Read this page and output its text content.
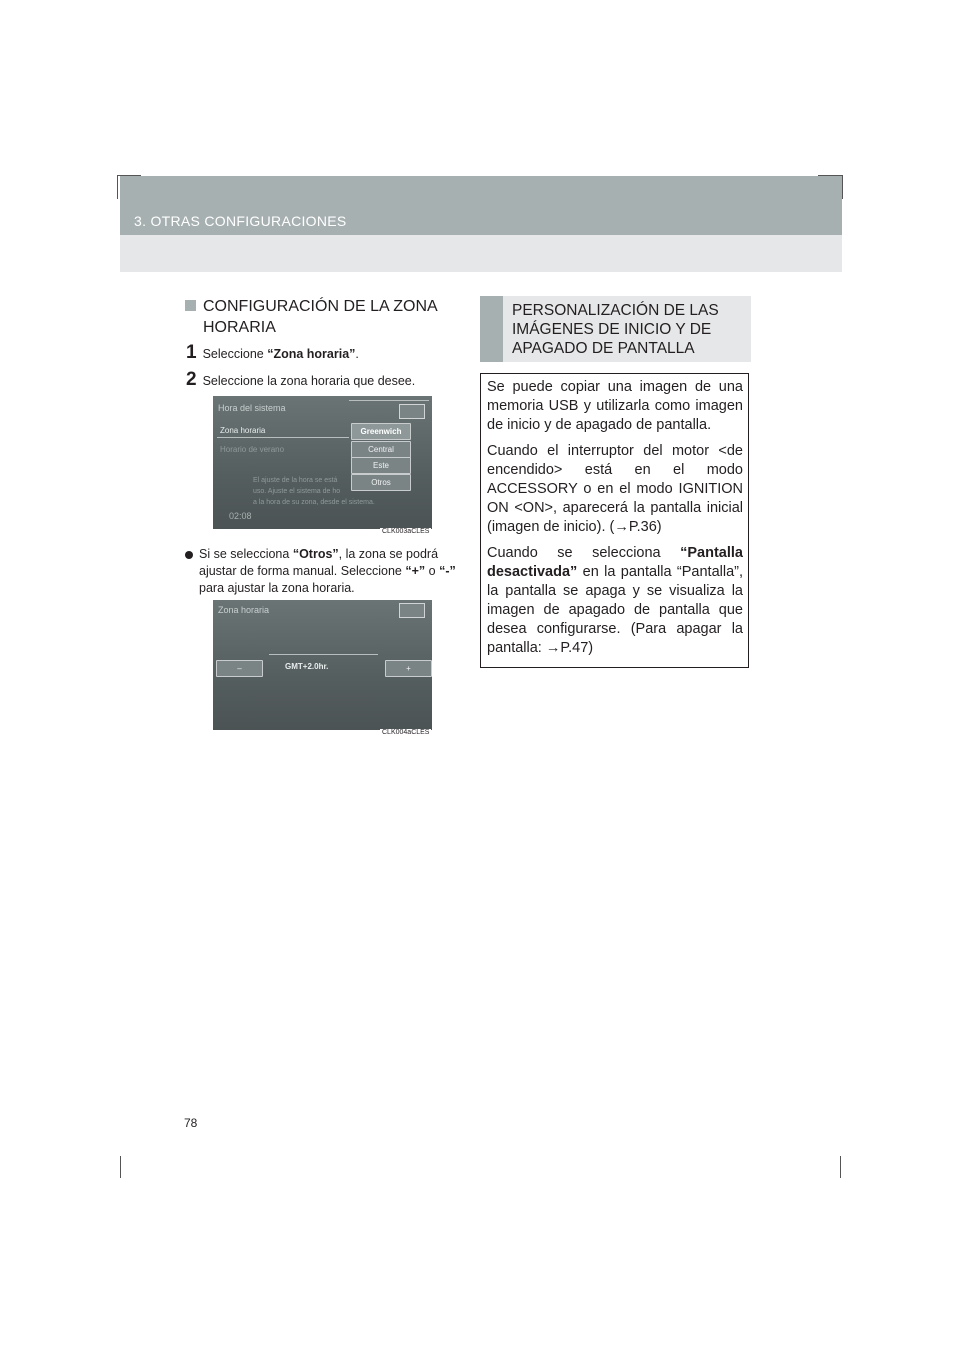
3. OTRAS CONFIGURACIONES
CONFIGURACIÓN DE LA ZONA
HORARIA
1 Seleccione “Zona horaria”.
2 Seleccione la zona horaria que desee.
Hora del sistema
Zona horaria
Horario de verano
Greenwich
Central
Este
Otros
El ajuste de la hora se está
uso. Ajuste el sistema de ho
a la hora de su zona, desde el sistema.
02:08
CLK003aCLES

Si se selecciona “Otros”, la zona se podrá ajustar de forma manual. Seleccione “+” o “-” para ajustar la zona horaria.

Zona horaria
–	GMT+2.0hr.	+
CLK004aCLES
PERSONALIZACIÓN DE LAS IMÁGENES DE INICIO Y DE APAGADO DE PANTALLA

Se puede copiar una imagen de una memoria USB y utilizarla como imagen de inicio y de apagado de pantalla.

Cuando el interruptor del motor <de encendido> está en el modo ACCESSORY o en el modo IGNITION ON <ON>, aparecerá la pantalla inicial (imagen de inicio). (→P.36)

Cuando se selecciona “Pantalla desactivada” en la pantalla “Pantalla”, la pantalla se apaga y se visualiza la imagen de apagado de pantalla que desea configurarse. (Para apagar la pantalla: →P.47)

78
